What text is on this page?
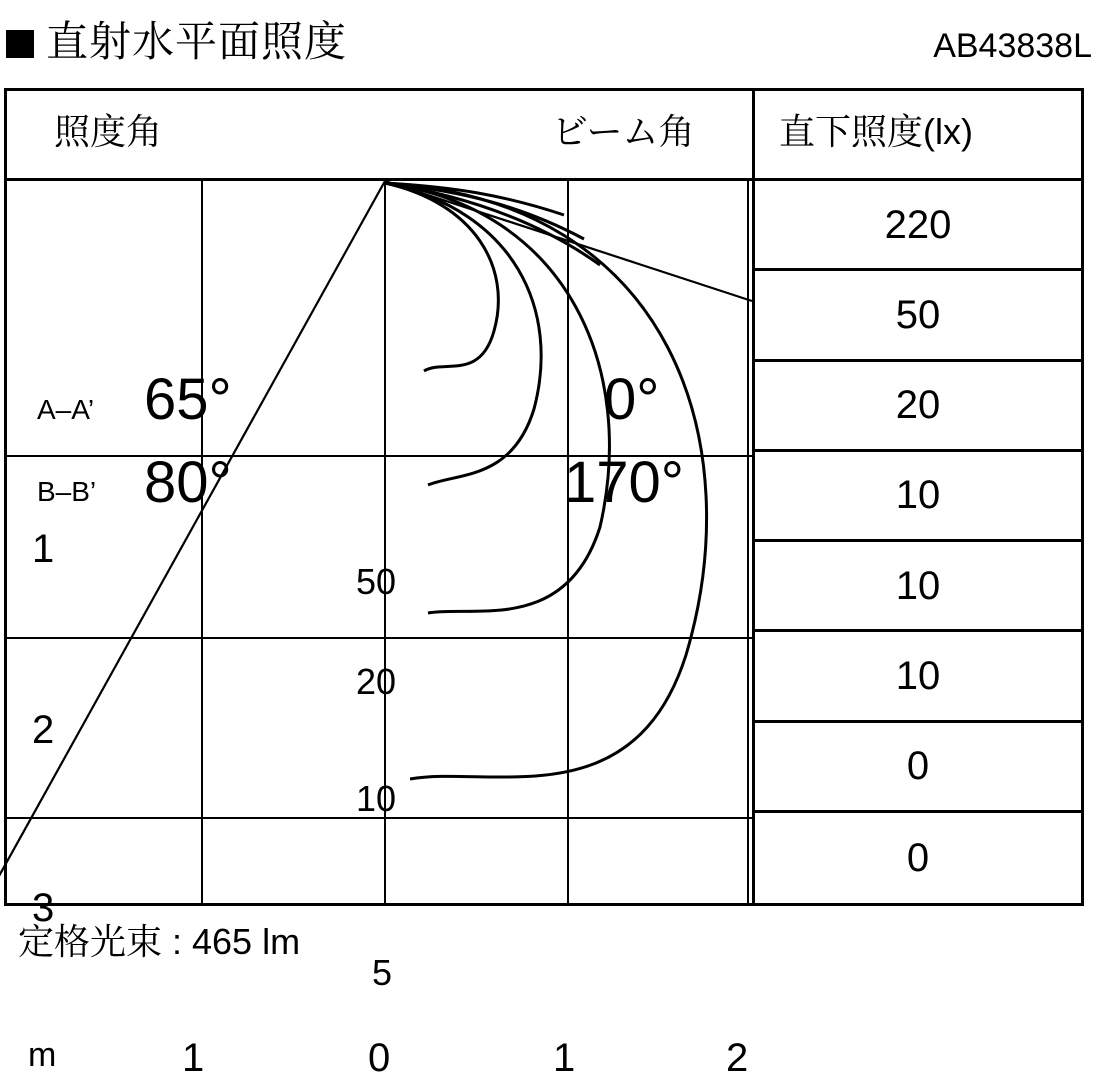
直射水平面照度	AB43838L
照度角	ビーム角 直下照度(lx)
50
20
10
5
1
2
3
m	1	0	1	2
A–A’ 65°
B–B’ 80°
0°
170°
220
50
20
10
10
10
0
0
定格光束 : 465 lm
